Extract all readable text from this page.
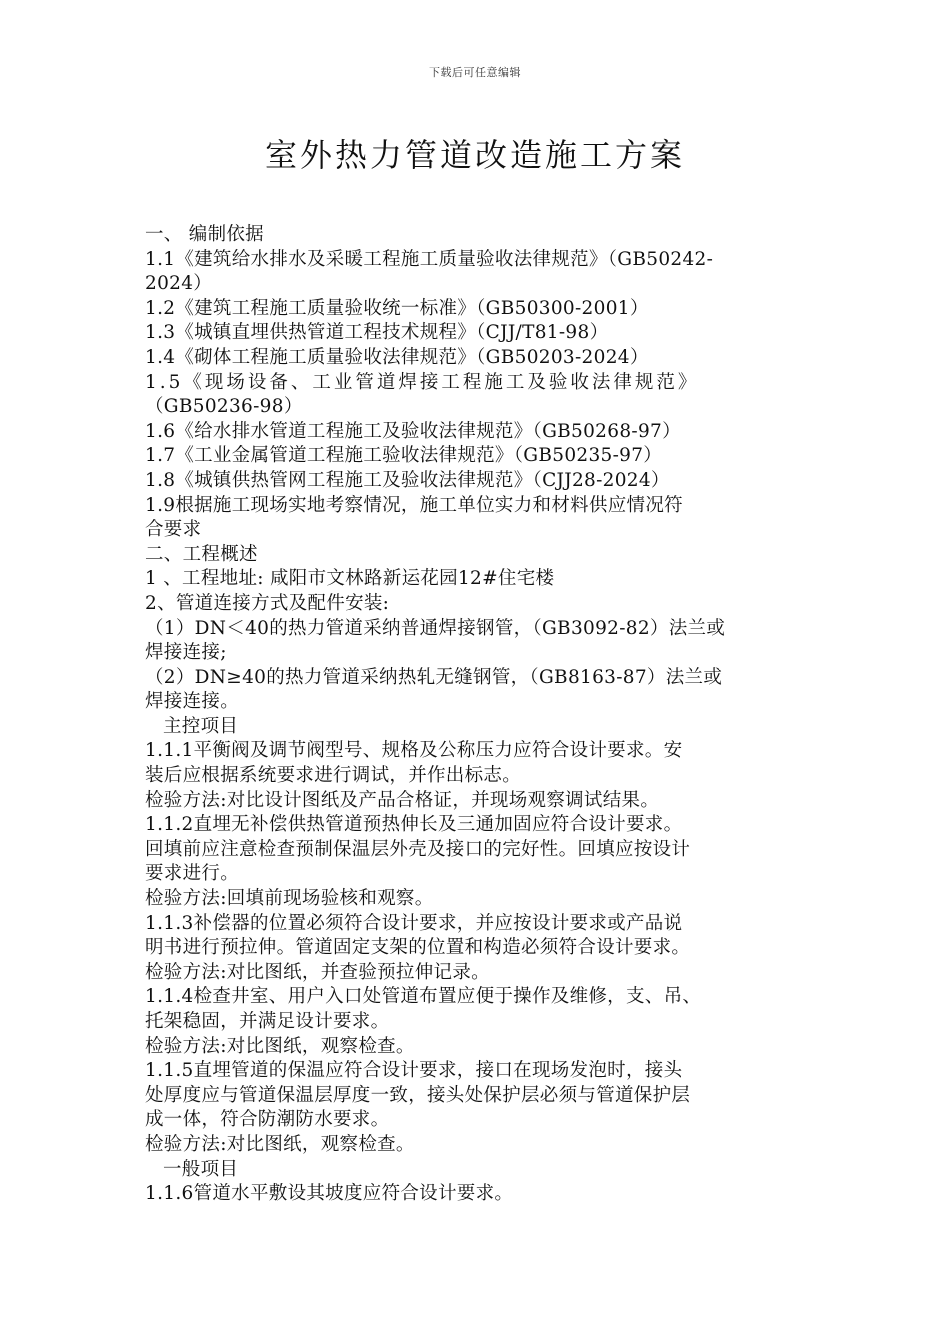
下载后可任意编辑
室外热力管道改造施工方案
一、 编制依据
1.1《建筑给水排水及采暖工程施工质量验收法律规范》（GB50242-
2024）
1.2《建筑工程施工质量验收统一标准》（GB50300-2001）
1.3《城镇直埋供热管道工程技术规程》（CJJ/T81-98）
1.4《砌体工程施工质量验收法律规范》（GB50203-2024）
1.5《现场设备、工业管道焊接工程施工及验收法律规范》
（GB50236-98）
1.6《给水排水管道工程施工及验收法律规范》（GB50268-97）
1.7《工业金属管道工程施工验收法律规范》（GB50235-97）
1.8《城镇供热管网工程施工及验收法律规范》（CJJ28-2024）
1.9根据施工现场实地考察情况，施工单位实力和材料供应情况符
合要求
二、工程概述
1 、工程地址: 咸阳市文林路新运花园12#住宅楼
2、管道连接方式及配件安装:
（1）DN＜40的热力管道采纳普通焊接钢管，（GB3092-82）法兰或
焊接连接;
（2）DN≥40的热力管道采纳热轧无缝钢管，（GB8163-87）法兰或
焊接连接。
主控项目
1.1.1平衡阀及调节阀型号、规格及公称压力应符合设计要求。安
装后应根据系统要求进行调试，并作出标志。
检验方法:对比设计图纸及产品合格证，并现场观察调试结果。
1.1.2直埋无补偿供热管道预热伸长及三通加固应符合设计要求。
回填前应注意检查预制保温层外壳及接口的完好性。回填应按设计
要求进行。
检验方法:回填前现场验核和观察。
1.1.3补偿器的位置必须符合设计要求，并应按设计要求或产品说
明书进行预拉伸。管道固定支架的位置和构造必须符合设计要求。
检验方法:对比图纸，并查验预拉伸记录。
1.1.4检查井室、用户入口处管道布置应便于操作及维修，支、吊、
托架稳固，并满足设计要求。
检验方法:对比图纸，观察检查。
1.1.5直埋管道的保温应符合设计要求，接口在现场发泡时，接头
处厚度应与管道保温层厚度一致，接头处保护层必须与管道保护层
成一体，符合防潮防水要求。
检验方法:对比图纸，观察检查。
一般项目
1.1.6管道水平敷设其坡度应符合设计要求。
